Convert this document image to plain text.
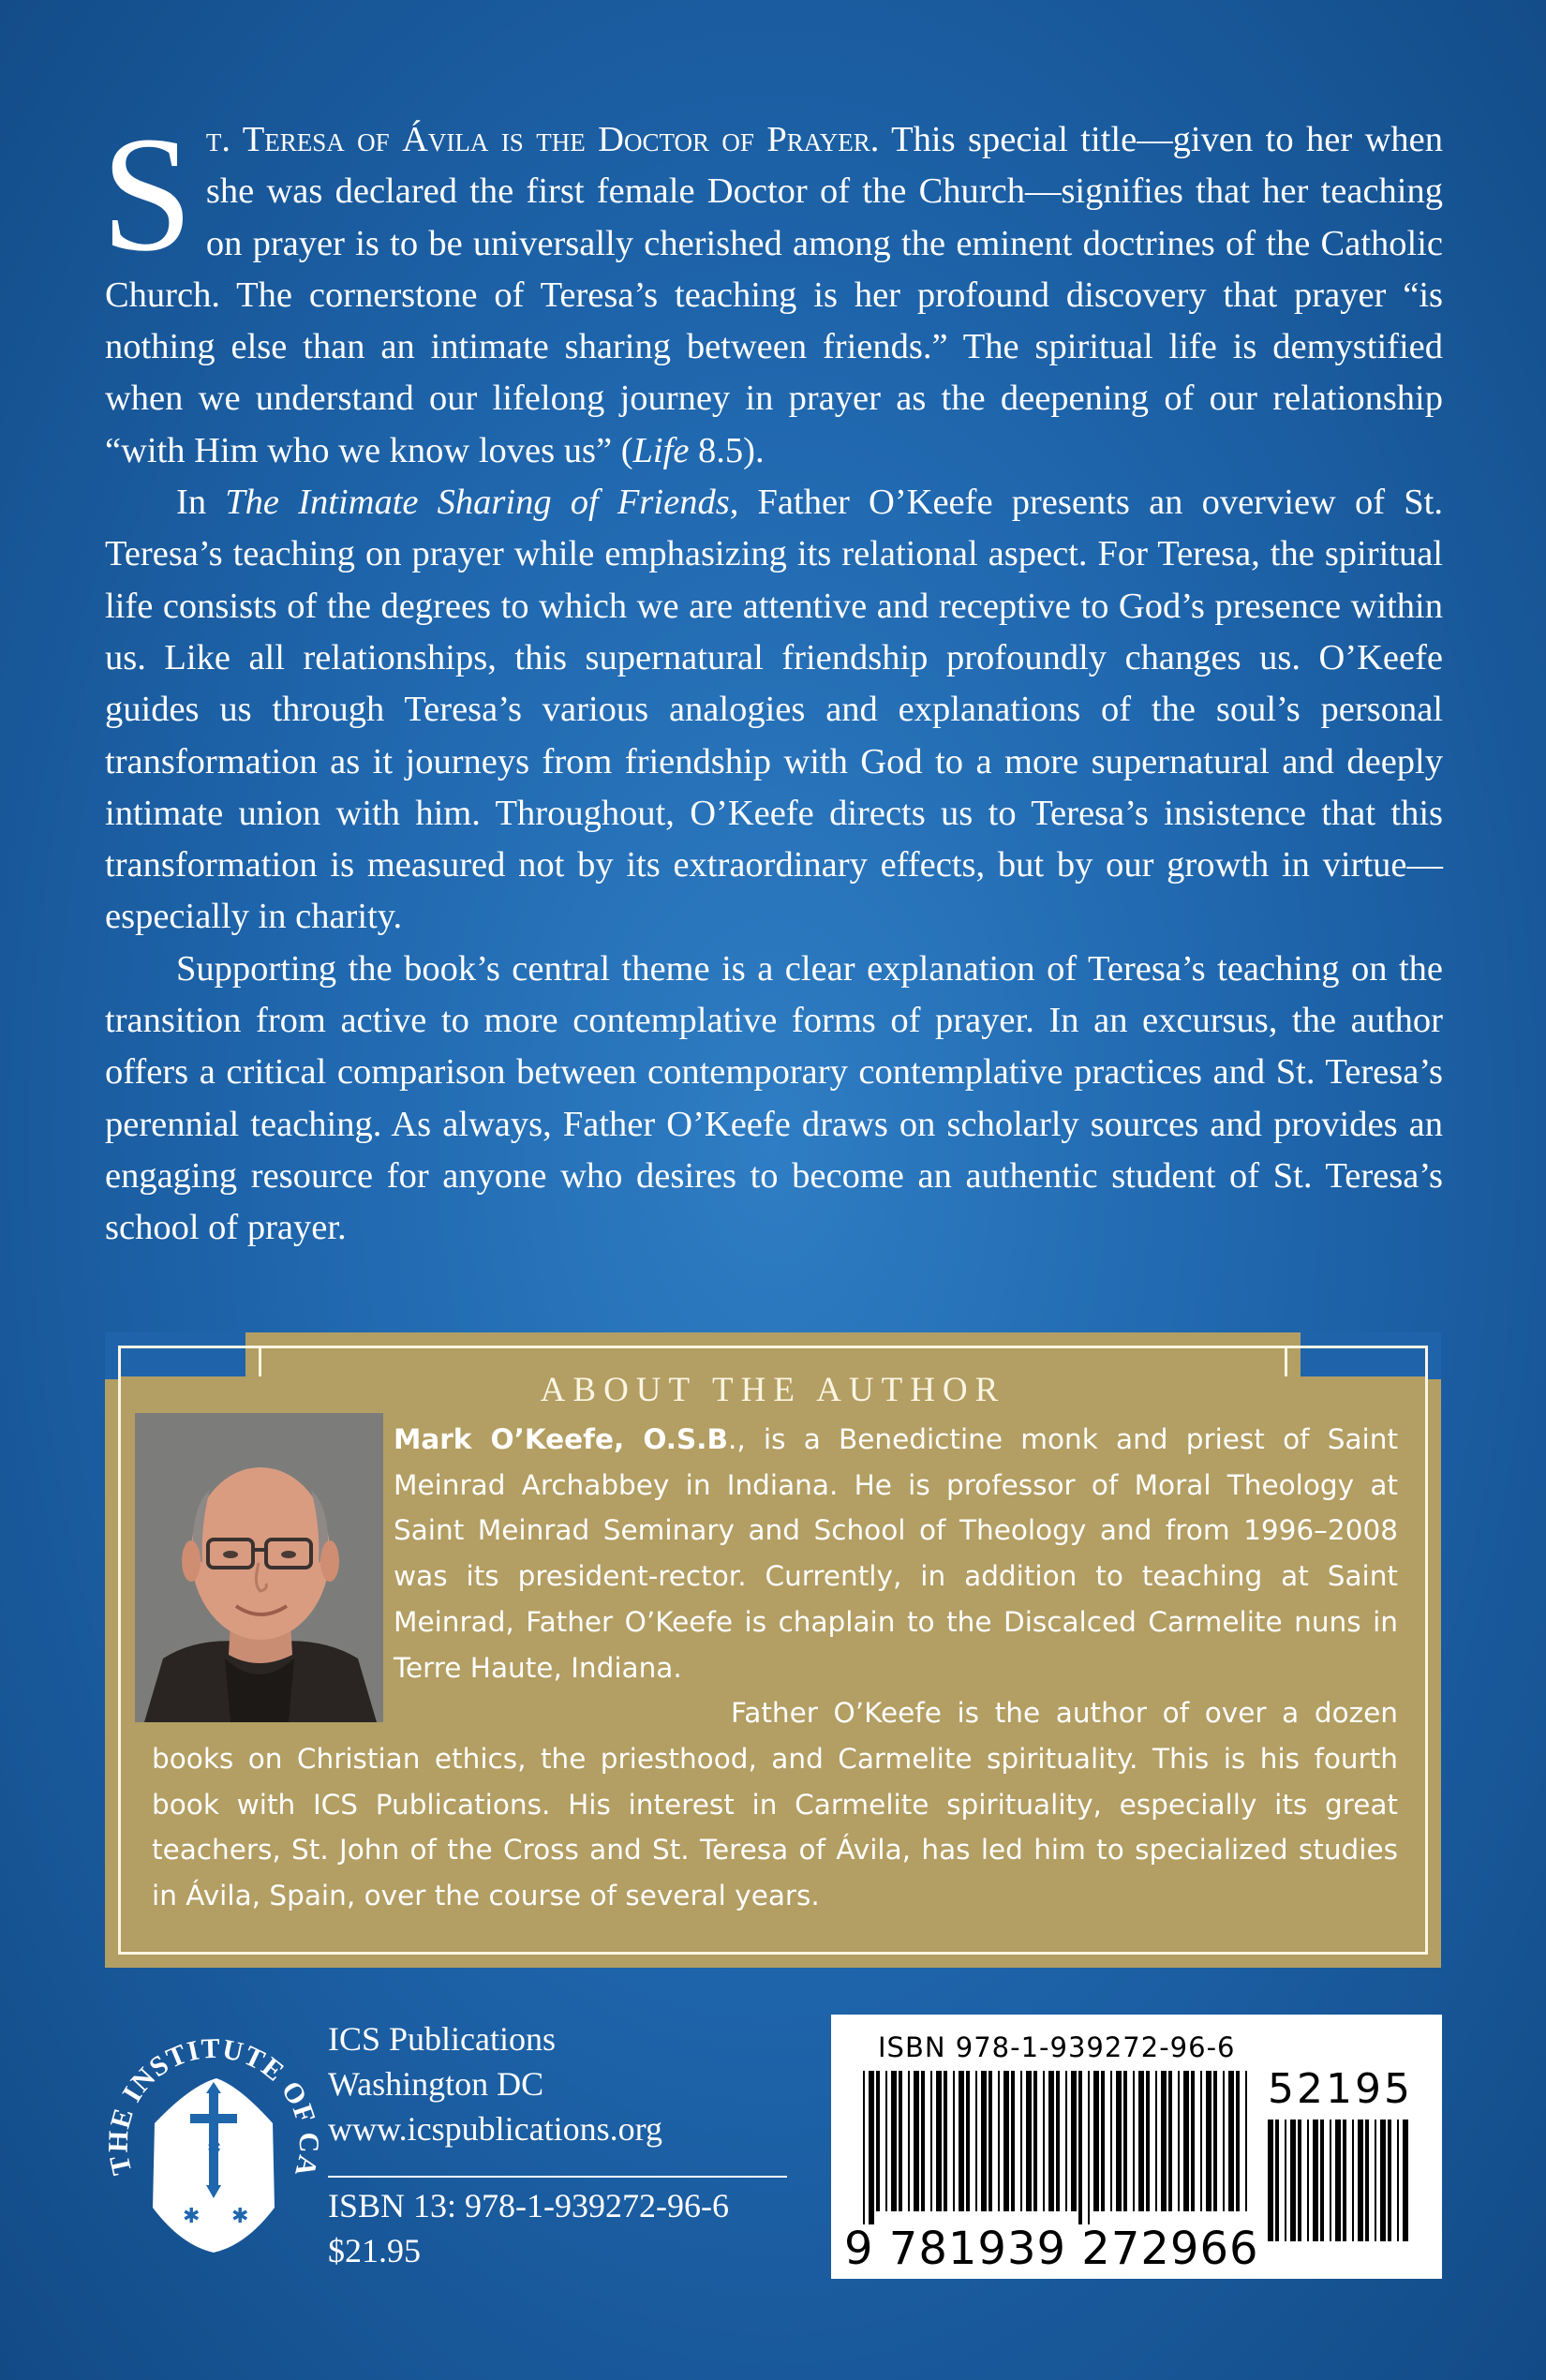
St. Teresa of Ávila is the Doctor of Prayer. This special title—given to her when she was declared the first female Doctor of the Church—signifies that her teaching on prayer is to be universally cherished among the eminent doctrines of the Catholic Church. The cornerstone of Teresa’s teaching is her profound discovery that prayer “is nothing else than an intimate sharing between friends.” The spiritual life is demystified when we understand our lifelong journey in prayer as the deepening of our relationship “with Him who we know loves us” (Life 8.5).

In The Intimate Sharing of Friends, Father O’Keefe presents an overview of St. Teresa’s teaching on prayer while emphasizing its relational aspect. For Teresa, the spiritual life consists of the degrees to which we are attentive and receptive to God’s presence within us. Like all relationships, this supernatural friendship profoundly changes us. O’Keefe guides us through Teresa’s various analogies and explanations of the soul’s personal transformation as it journeys from friendship with God to a more supernatural and deeply intimate union with him. Throughout, O’Keefe directs us to Teresa’s insistence that this transformation is measured not by its extraordinary effects, but by our growth in virtue—especially in charity.

Supporting the book’s central theme is a clear explanation of Teresa’s teaching on the transition from active to more contemplative forms of prayer. In an excursus, the author offers a critical comparison between contemporary contemplative practices and St. Teresa’s perennial teaching. As always, Father O’Keefe draws on scholarly sources and provides an engaging resource for anyone who desires to become an authentic student of St. Teresa’s school of prayer.

ABOUT THE AUTHOR

Mark O’Keefe, O.S.B., is a Benedictine monk and priest of Saint Meinrad Archabbey in Indiana. He is professor of Moral Theology at Saint Meinrad Seminary and School of Theology and from 1996–2008 was its president-rector. Currently, in addition to teaching at Saint Meinrad, Father O’Keefe is chaplain to the Discalced Carmelite nuns in Terre Haute, Indiana.

Father O’Keefe is the author of over a dozen books on Christian ethics, the priesthood, and Carmelite spirituality. This is his fourth book with ICS Publications. His interest in Carmelite spirituality, especially its great teachers, St. John of the Cross and St. Teresa of Ávila, has led him to specialized studies in Ávila, Spain, over the course of several years.

✱ ✱
✱
THE INSTITUTE OF CA
ICS Publications
Washington DC
www.icspublications.org
ISBN 13: 978-1-939272-96-6
$21.95
ISBN 978-1-939272-96-6
52195
9 781939 272966
